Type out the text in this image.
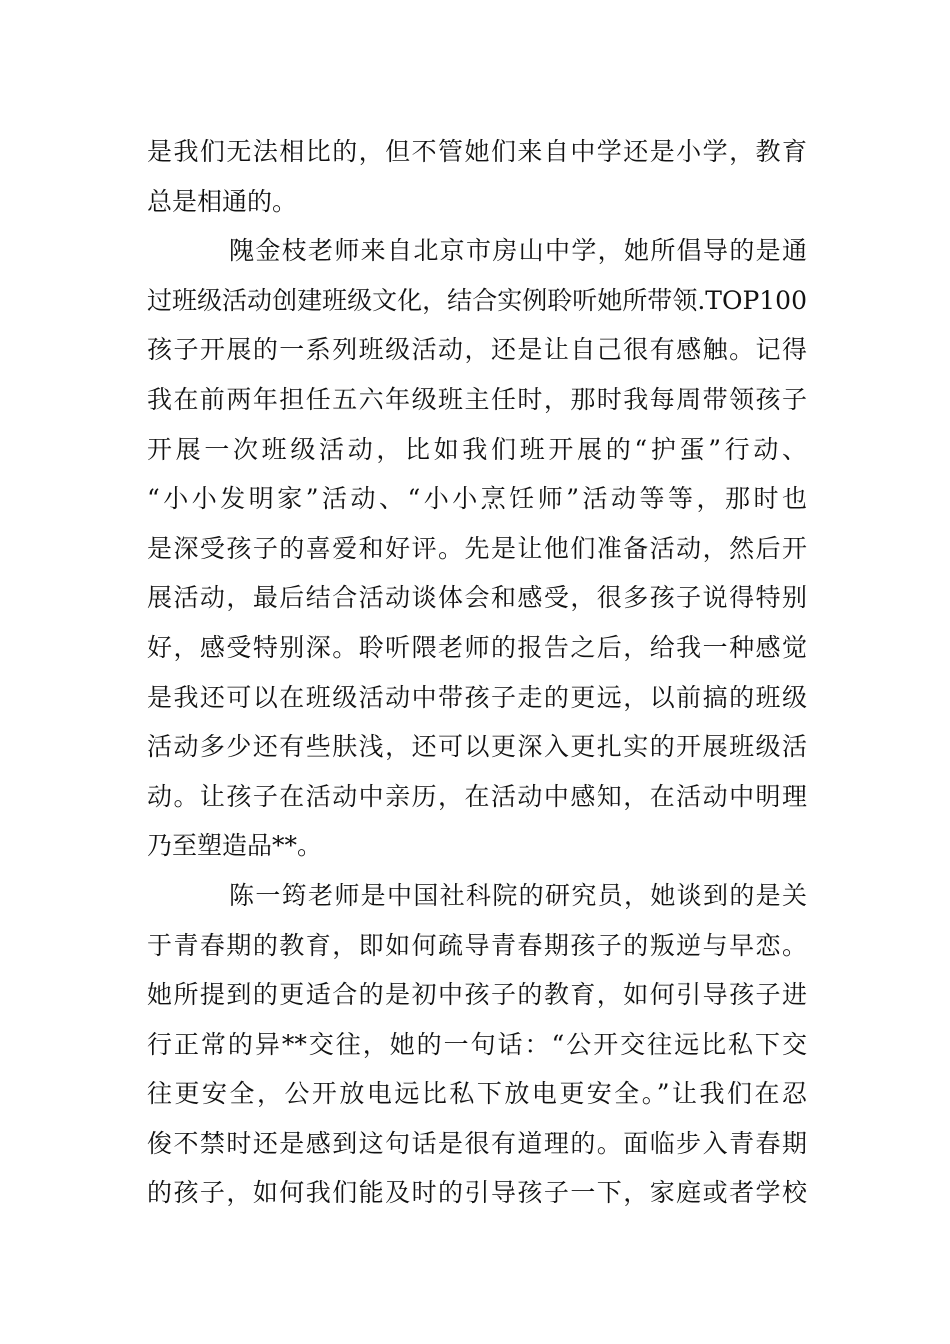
是我们无法相比的，但不管她们来自中学还是小学，教育
总是相通的。
隗金枝老师来自北京市房山中学，她所倡导的是通
过班级活动创建班级文化，结合实例聆听她所带领.TOP100
孩子开展的一系列班级活动，还是让自己很有感触。记得
我在前两年担任五六年级班主任时，那时我每周带领孩子
开展一次班级活动，比如我们班开展的“护蛋”行动、
“小小发明家”活动、“小小烹饪师”活动等等，那时也
是深受孩子的喜爱和好评。先是让他们准备活动，然后开
展活动，最后结合活动谈体会和感受，很多孩子说得特别
好，感受特别深。聆听隈老师的报告之后，给我一种感觉
是我还可以在班级活动中带孩子走的更远，以前搞的班级
活动多少还有些肤浅，还可以更深入更扎实的开展班级活
动。让孩子在活动中亲历，在活动中感知，在活动中明理
乃至塑造品**。
陈一筠老师是中国社科院的研究员，她谈到的是关
于青春期的教育，即如何疏导青春期孩子的叛逆与早恋。
她所提到的更适合的是初中孩子的教育，如何引导孩子进
行正常的异**交往，她的一句话：“公开交往远比私下交
往更安全，公开放电远比私下放电更安全。”让我们在忍
俊不禁时还是感到这句话是很有道理的。面临步入青春期
的孩子，如何我们能及时的引导孩子一下，家庭或者学校
